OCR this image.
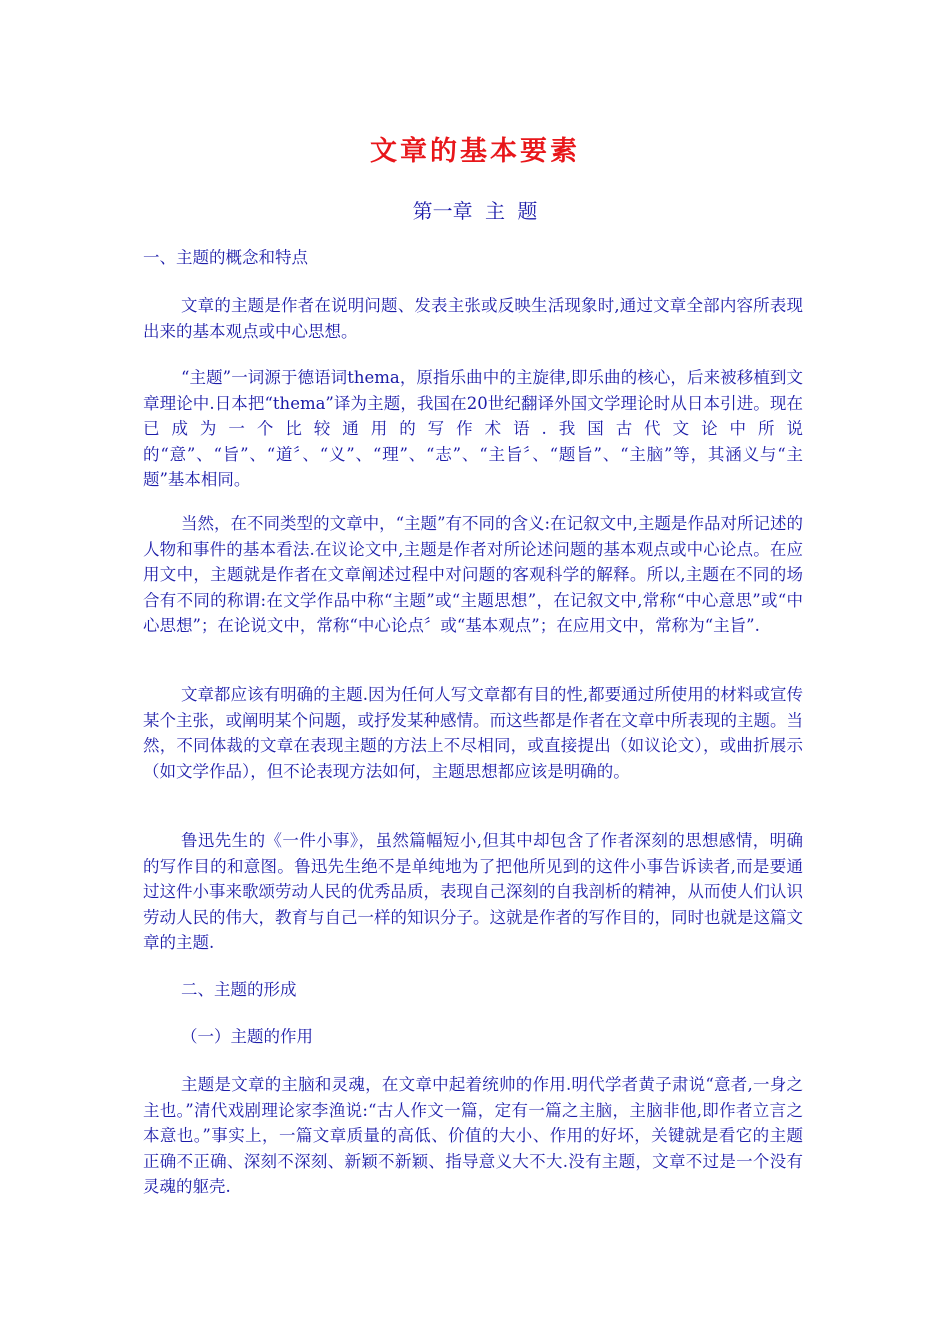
文章的基本要素
第一章 主 题
一、主题的概念和特点

文章的主题是作者在说明问题、发表主张或反映生活现象时,通过文章全部内容所表现出来的基本观点或中心思想。

“主题”一词源于德语词thema，原指乐曲中的主旋律,即乐曲的核心，后来被移植到文章理论中.日本把“thema”译为主题，我国在20世纪翻译外国文学理论时从日本引进。现在已成为一个比较通用的写作术语.我国古代文论中所说的“意”、“旨”、“道〞、“义”、“理”、“志”、“主旨〞、“题旨”、“主脑”等，其涵义与“主题”基本相同。

当然，在不同类型的文章中，“主题”有不同的含义:在记叙文中,主题是作品对所记述的人物和事件的基本看法.在议论文中,主题是作者对所论述问题的基本观点或中心论点。在应用文中，主题就是作者在文章阐述过程中对问题的客观科学的解释。所以,主题在不同的场合有不同的称谓:在文学作品中称“主题”或“主题思想”，在记叙文中,常称“中心意思”或“中心思想”；在论说文中，常称“中心论点〞或“基本观点”；在应用文中，常称为“主旨”.

文章都应该有明确的主题.因为任何人写文章都有目的性,都要通过所使用的材料或宣传某个主张，或阐明某个问题，或抒发某种感情。而这些都是作者在文章中所表现的主题。当然，不同体裁的文章在表现主题的方法上不尽相同，或直接提出（如议论文），或曲折展示（如文学作品），但不论表现方法如何，主题思想都应该是明确的。

鲁迅先生的《一件小事》，虽然篇幅短小,但其中却包含了作者深刻的思想感情，明确的写作目的和意图。鲁迅先生绝不是单纯地为了把他所见到的这件小事告诉读者,而是要通过这件小事来歌颂劳动人民的优秀品质，表现自己深刻的自我剖析的精神，从而使人们认识劳动人民的伟大，教育与自己一样的知识分子。这就是作者的写作目的，同时也就是这篇文章的主题.

二、主题的形成
（一）主题的作用

主题是文章的主脑和灵魂，在文章中起着统帅的作用.明代学者黄子肃说“意者,一身之主也。”清代戏剧理论家李渔说:“古人作文一篇，定有一篇之主脑，主脑非他,即作者立言之本意也。”事实上，一篇文章质量的高低、价值的大小、作用的好坏，关键就是看它的主题正确不正确、深刻不深刻、新颖不新颖、指导意义大不大.没有主题，文章不过是一个没有灵魂的躯壳.
